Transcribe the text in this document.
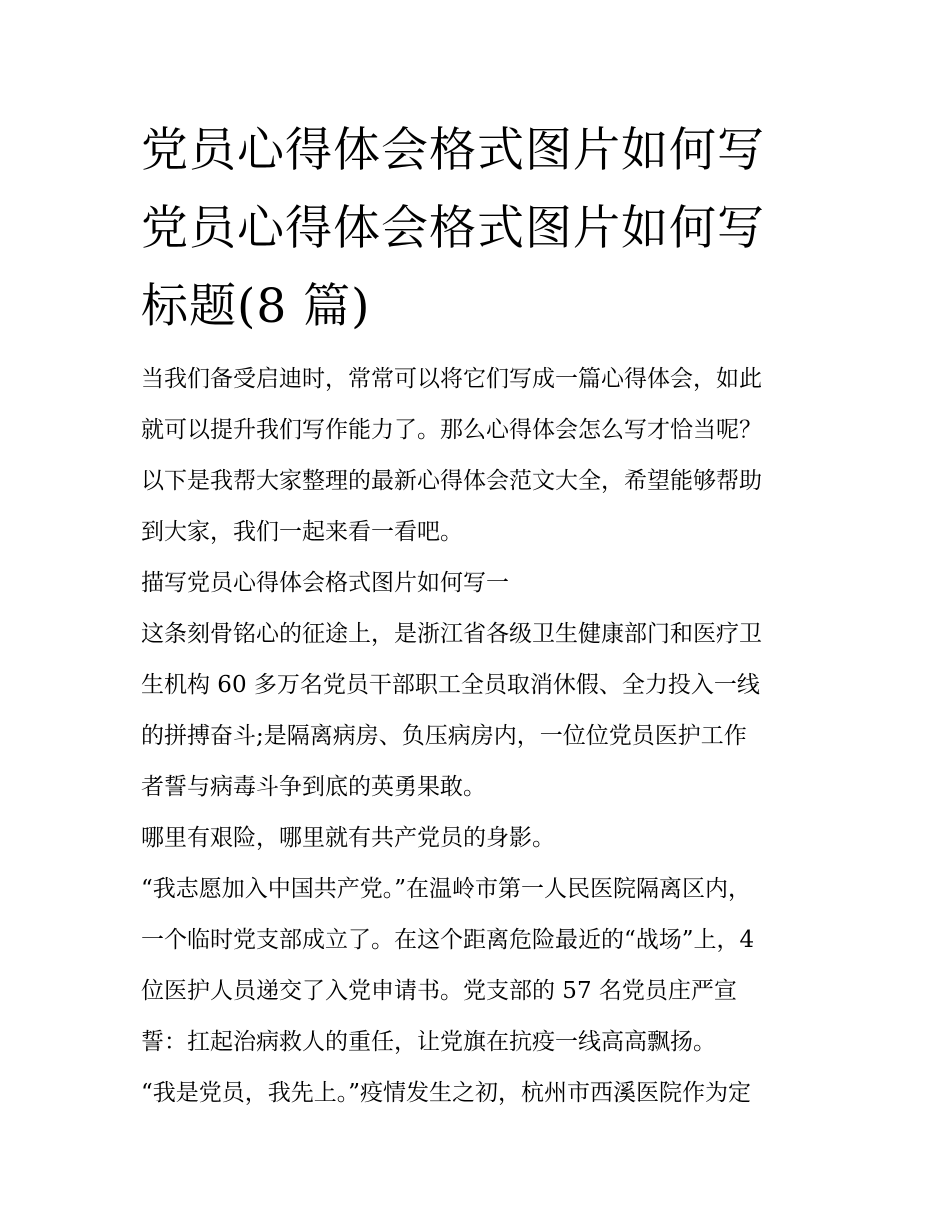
党员心得体会格式图片如何写
党员心得体会格式图片如何写
标题(8 篇)

当我们备受启迪时，常常可以将它们写成一篇心得体会，如此
就可以提升我们写作能力了。那么心得体会怎么写才恰当呢？
以下是我帮大家整理的最新心得体会范文大全，希望能够帮助
到大家，我们一起来看一看吧。

描写党员心得体会格式图片如何写一

这条刻骨铭心的征途上，是浙江省各级卫生健康部门和医疗卫
生机构 60 多万名党员干部职工全员取消休假、全力投入一线
的拼搏奋斗;是隔离病房、负压病房内，一位位党员医护工作
者誓与病毒斗争到底的英勇果敢。

哪里有艰险，哪里就有共产党员的身影。

“我志愿加入中国共产党。”在温岭市第一人民医院隔离区内，
一个临时党支部成立了。在这个距离危险最近的“战场”上，4
位医护人员递交了入党申请书。党支部的 57 名党员庄严宣
誓：扛起治病救人的重任，让党旗在抗疫一线高高飘扬。

“我是党员，我先上。”疫情发生之初，杭州市西溪医院作为定
